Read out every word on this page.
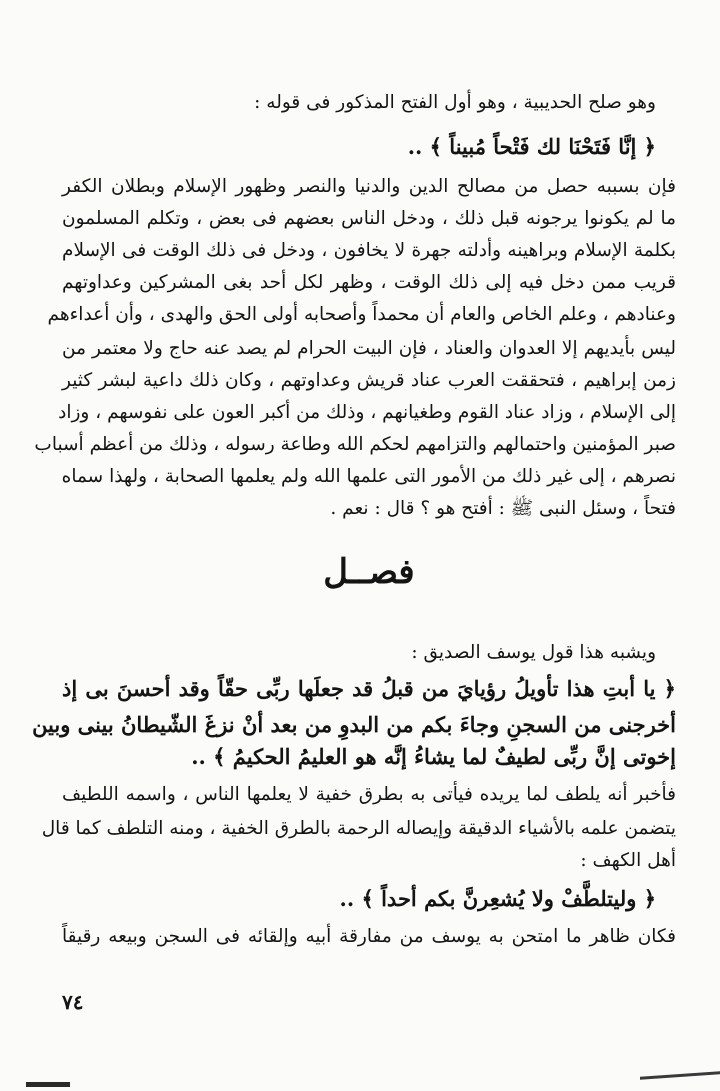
وهو صلح الحديبية ، وهو أول الفتح المذكور فى قوله :
﴿ إنَّا فَتَحْنَا لك فَتْحاً مُبيناً ﴾ ..
فإن بسببه حصل من مصالح الدين والدنيا والنصر وظهور الإسلام وبطلان الكفر
ما لم يكونوا يرجونه قبل ذلك ، ودخل الناس بعضهم فى بعض ، وتكلم المسلمون
بكلمة الإسلام وبراهينه وأدلته جهرة لا يخافون ، ودخل فى ذلك الوقت فى الإسلام
قريب ممن دخل فيه إلى ذلك الوقت ، وظهر لكل أحد بغى المشركين وعداوتهم
وعنادهم ، وعلم الخاص والعام أن محمداً وأصحابه أولى الحق والهدى ، وأن أعداءهم
ليس بأيديهم إلا العدوان والعناد ، فإن البيت الحرام لم يصد عنه حاج ولا معتمر من
زمن إبراهيم ، فتحققت العرب عناد قريش وعداوتهم ، وكان ذلك داعية لبشر كثير
إلى الإسلام ، وزاد عناد القوم وطغيانهم ، وذلك من أكبر العون على نفوسهم ، وزاد
صبر المؤمنين واحتمالهم والتزامهم لحكم الله وطاعة رسوله ، وذلك من أعظم أسباب
نصرهم ، إلى غير ذلك من الأمور التى علمها الله ولم يعلمها الصحابة ، ولهذا سماه
فتحاً ، وسئل النبى ﷺ : أفتح هو ؟ قال : نعم .
فصــل
ويشبه هذا قول يوسف الصديق :
﴿ يا أبتِ هذا تأويلُ رؤيايَ من قبلُ قد جعلَها ربِّى حقّاً وقد أحسنَ بى إذ
أخرجنى من السجنِ وجاءَ بكم من البدوِ من بعد أنْ نزغَ الشّيطانُ بينى وبين
إخوتى إنَّ ربِّى لطيفٌ لما يشاءُ إنَّه هو العليمُ الحكيمُ ﴾ ..
فأخبر أنه يلطف لما يريده فيأتى به بطرق خفية لا يعلمها الناس ، واسمه اللطيف
يتضمن علمه بالأشياء الدقيقة وإيصاله الرحمة بالطرق الخفية ، ومنه التلطف كما قال
أهل الكهف :
﴿ وليتلطَّفْ ولا يُشعِرنَّ بكم أحداً ﴾ ..
فكان ظاهر ما امتحن به يوسف من مفارقة أبيه وإلقائه فى السجن وبيعه رقيقاً
٧٤
